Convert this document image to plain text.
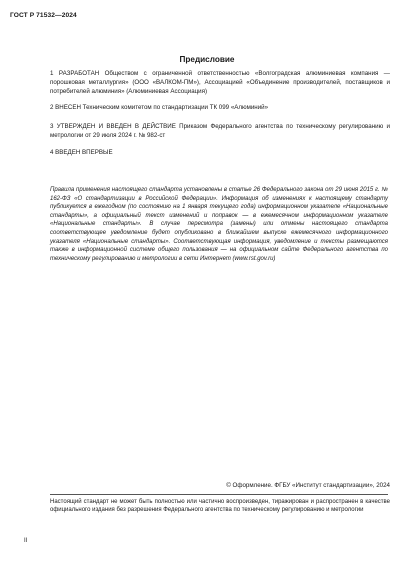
ГОСТ Р 71532—2024
Предисловие
1 РАЗРАБОТАН Обществом с ограниченной ответственностью «Волгоградская алюминиевая компания — порошковая металлургия» (ООО «ВАЛКОМ-ПМ»), Ассоциацией «Объединение производителей, поставщиков и потребителей алюминия» (Алюминиевая Ассоциация)
2 ВНЕСЕН Техническим комитетом по стандартизации ТК 099 «Алюминий»
3 УТВЕРЖДЕН И ВВЕДЕН В ДЕЙСТВИЕ Приказом Федерального агентства по техническому регулированию и метрологии от 29 июля 2024 г. № 982-ст
4 ВВЕДЕН ВПЕРВЫЕ
Правила применения настоящего стандарта установлены в статье 26 Федерального закона от 29 июня 2015 г. № 162-ФЗ «О стандартизации в Российской Федерации». Информация об изменениях к настоящему стандарту публикуется в ежегодном (по состоянию на 1 января текущего года) информационном указателе «Национальные стандарты», а официальный текст изменений и поправок — в ежемесячном информационном указателе «Национальные стандарты». В случае пересмотра (замены) или отмены настоящего стандарта соответствующее уведомление будет опубликовано в ближайшем выпуске ежемесячного информационного указателя «Национальные стандарты». Соответствующая информация, уведомление и тексты размещаются также в информационной системе общего пользования — на официальном сайте Федерального агентства по техническому регулированию и метрологии в сети Интернет (www.rst.gov.ru)
© Оформление. ФГБУ «Институт стандартизации», 2024
Настоящий стандарт не может быть полностью или частично воспроизведен, тиражирован и распространен в качестве официального издания без разрешения Федерального агентства по техническому регулированию и метрологии
II
